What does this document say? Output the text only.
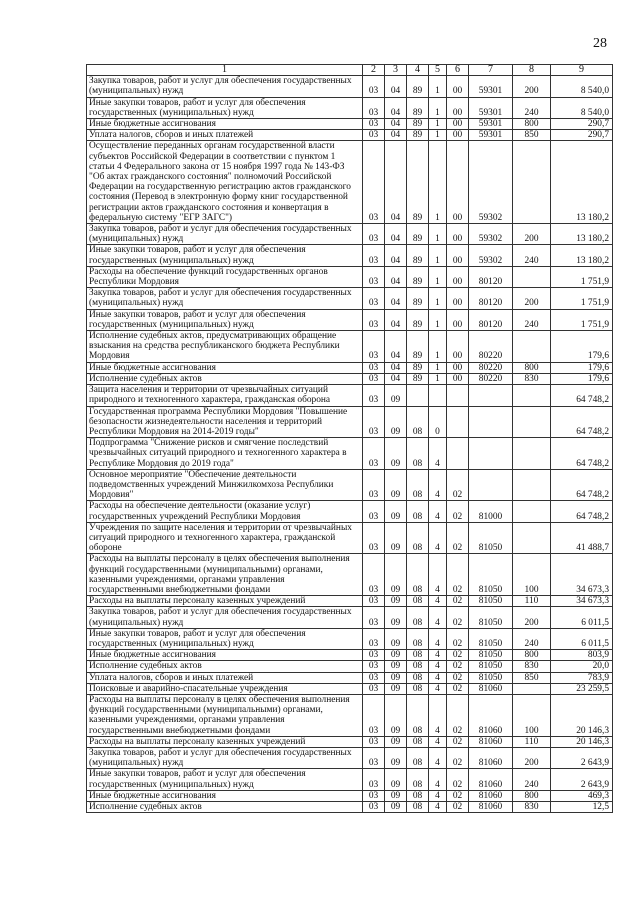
28
1	2	3	4	5	6	7	8	9
Закупка товаров, работ и услуг для обеспечения государственных (муниципальных) нужд	03	04	89	1	00	59301	200	8 540,0
Иные закупки товаров, работ и услуг для обеспечения государственных (муниципальных) нужд	03	04	89	1	00	59301	240	8 540,0
Иные бюджетные ассигнования	03	04	89	1	00	59301	800	290,7
Уплата налогов, сборов и иных платежей	03	04	89	1	00	59301	850	290,7
Осуществление переданных органам государственной власти субъектов Российской Федерации в соответствии с пунктом 1 статьи 4 Федерального закона от 15 ноября 1997 года № 143-ФЗ "Об актах гражданского состояния" полномочий Российской Федерации на государственную регистрацию актов гражданского состояния (Перевод в электронную форму книг государственной регистрации актов гражданского состояния и конвертация в федеральную систему "ЕГР ЗАГС")	03	04	89	1	00	59302		13 180,2
Закупка товаров, работ и услуг для обеспечения государственных (муниципальных) нужд	03	04	89	1	00	59302	200	13 180,2
Иные закупки товаров, работ и услуг для обеспечения государственных (муниципальных) нужд	03	04	89	1	00	59302	240	13 180,2
Расходы на обеспечение функций государственных органов Республики Мордовия	03	04	89	1	00	80120		1 751,9
Закупка товаров, работ и услуг для обеспечения государственных (муниципальных) нужд	03	04	89	1	00	80120	200	1 751,9
Иные закупки товаров, работ и услуг для обеспечения государственных (муниципальных) нужд	03	04	89	1	00	80120	240	1 751,9
Исполнение судебных актов, предусматривающих обращение взыскания на средства республиканского бюджета Республики Мордовия	03	04	89	1	00	80220		179,6
Иные бюджетные ассигнования	03	04	89	1	00	80220	800	179,6
Исполнение судебных актов	03	04	89	1	00	80220	830	179,6
Защита населения и территории от чрезвычайных ситуаций природного и техногенного характера, гражданская оборона	03	09						64 748,2
Государственная программа Республики Мордовия "Повышение безопасности жизнедеятельности населения и территорий Республики Мордовия на 2014-2019 годы"	03	09	08	0				64 748,2
Подпрограмма "Снижение рисков и смягчение последствий чрезвычайных ситуаций природного и техногенного характера в Республике Мордовия до 2019 года"	03	09	08	4				64 748,2
Основное мероприятие "Обеспечение деятельности подведомственных учреждений Минжилкомхоза Республики Мордовия"	03	09	08	4	02			64 748,2
Расходы на обеспечение деятельности (оказание услуг) государственных учреждений Республики Мордовия	03	09	08	4	02	81000		64 748,2
Учреждения по защите населения и территории от чрезвычайных ситуаций природного и техногенного характера, гражданской обороне	03	09	08	4	02	81050		41 488,7
Расходы на выплаты персоналу в целях обеспечения выполнения функций государственными (муниципальными) органами, казенными учреждениями, органами управления государственными внебюджетными фондами	03	09	08	4	02	81050	100	34 673,3
Расходы на выплаты персоналу казенных учреждений	03	09	08	4	02	81050	110	34 673,3
Закупка товаров, работ и услуг для обеспечения государственных (муниципальных) нужд	03	09	08	4	02	81050	200	6 011,5
Иные закупки товаров, работ и услуг для обеспечения государственных (муниципальных) нужд	03	09	08	4	02	81050	240	6 011,5
Иные бюджетные ассигнования	03	09	08	4	02	81050	800	803,9
Исполнение судебных актов	03	09	08	4	02	81050	830	20,0
Уплата налогов, сборов и иных платежей	03	09	08	4	02	81050	850	783,9
Поисковые и аварийно-спасательные учреждения	03	09	08	4	02	81060		23 259,5
Расходы на выплаты персоналу в целях обеспечения выполнения функций государственными (муниципальными) органами, казенными учреждениями, органами управления государственными внебюджетными фондами	03	09	08	4	02	81060	100	20 146,3
Расходы на выплаты персоналу казенных учреждений	03	09	08	4	02	81060	110	20 146,3
Закупка товаров, работ и услуг для обеспечения государственных (муниципальных) нужд	03	09	08	4	02	81060	200	2 643,9
Иные закупки товаров, работ и услуг для обеспечения государственных (муниципальных) нужд	03	09	08	4	02	81060	240	2 643,9
Иные бюджетные ассигнования	03	09	08	4	02	81060	800	469,3
Исполнение судебных актов	03	09	08	4	02	81060	830	12,5
